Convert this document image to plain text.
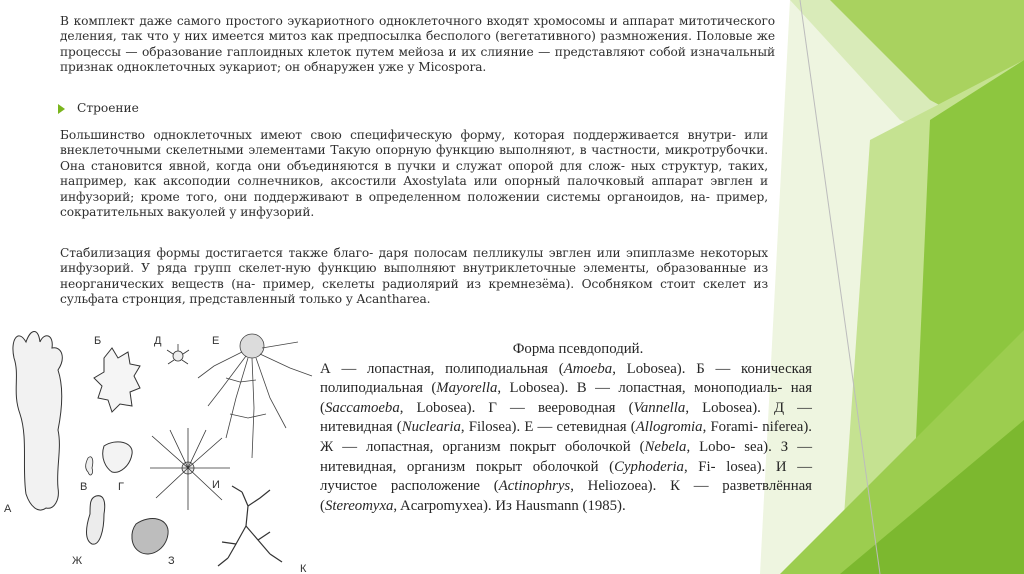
В комплект даже самого простого эукариотного одноклеточного входят хромосомы и аппарат митотического деления, так что у них имеется митоз как предпосылка бесполого (вегетативного) размножения. Половые же процессы — образование гаплоидных клеток путем мейоза и их слияние — представляют собой изначальный признак одноклеточных эукариот; он обнаружен уже у Micospora.
Строение
Большинство одноклеточных имеют свою специфическую форму, которая поддерживается внутри- или внеклеточными скелетными элементами Такую опорную функцию выполняют, в частности, микротрубочки. Она становится явной, когда они объединяются в пучки и служат опорой для слож- ных структур, таких, например, как аксоподии солнечников, аксостили Axostylata или опорный палочковый аппарат эвглен и инфузорий; кроме того, они поддерживают в определенном положении системы органоидов, на- пример, сократительных вакуолей у инфузорий.
Стабилизация формы достигается также благо- даря полосам пелликулы эвглен или эпиплазме некоторых инфузорий. У ряда групп скелет-ную функцию выполняют внутриклеточные элементы, образованные из неорганических веществ (на- пример, скелеты радиолярий из кремнезёма). Особняком стоит скелет из сульфата стронция, представленный только у Acantharea.
А
Б	Д	Е
Г
В	И
Ж	З
К
Форма псевдоподий.
А — лопастная, полиподиальная (Amoeba, Lobosea). Б — коническая полиподиальная (Mayorella, Lobosea). В — лопастная, моноподиаль- ная (Saccamoeba, Lobosea). Г — веероводная (Vannella, Lobosea). Д — нитевидная (Nuclearia, Filosea). Е — сетевидная (Allogromia, Forami- niferea). Ж — лопастная, организм покрыт оболочкой (Nebela, Lobo- sea). З — нитевидная, организм покрыт оболочкой (Cyphoderia, Fi- losea). И — лучистое расположение (Actinophrys, Heliozoea). К — разветвлённая (Stereomyxa, Acarpomyxea). Из Hausmann (1985).
